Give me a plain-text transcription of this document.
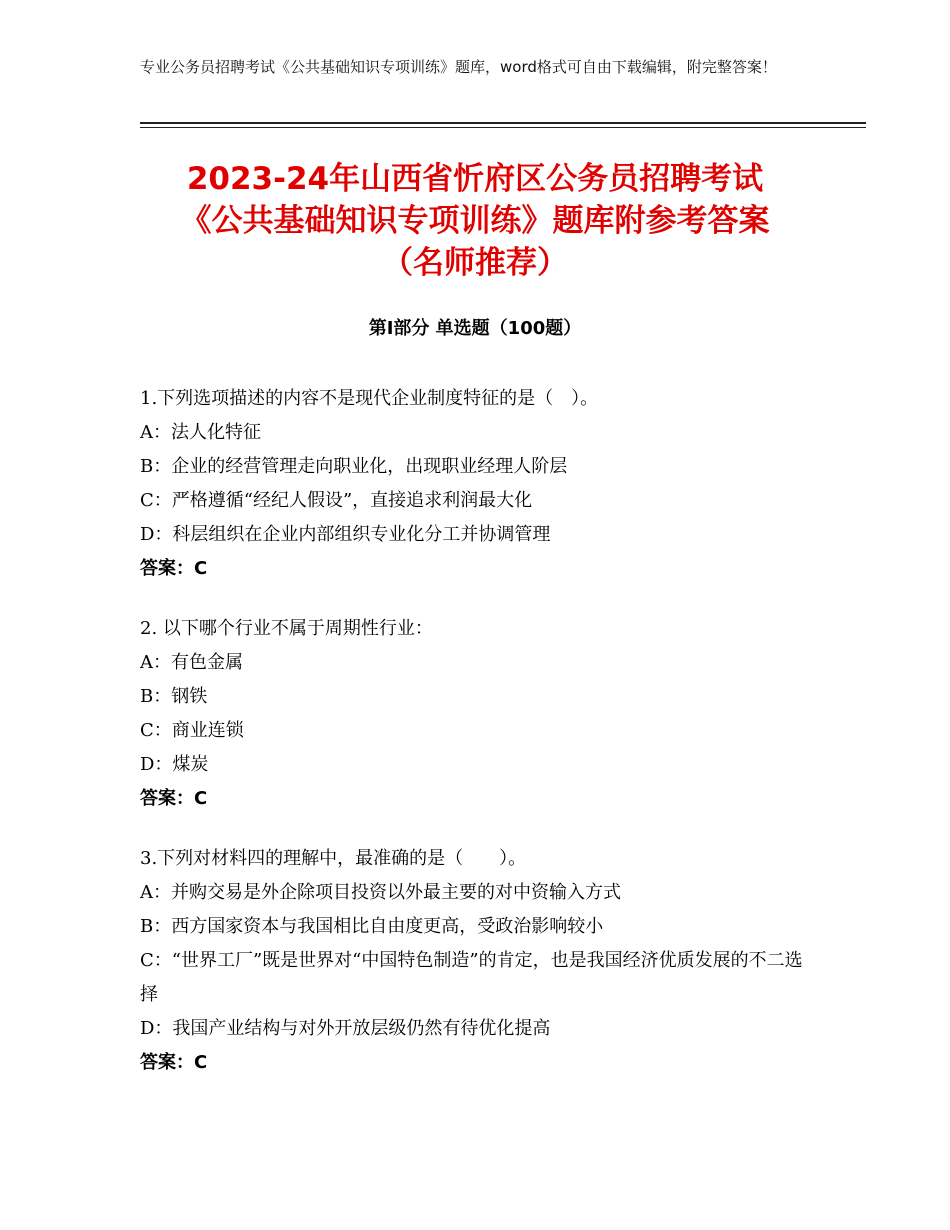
专业公务员招聘考试《公共基础知识专项训练》题库，word格式可自由下载编辑，附完整答案！
2023-24年山西省忻府区公务员招聘考试
《公共基础知识专项训练》题库附参考答案
（名师推荐）
第Ⅰ部分 单选题（100题）
1.下列选项描述的内容不是现代企业制度特征的是（　）。
A：法人化特征
B：企业的经营管理走向职业化，出现职业经理人阶层
C：严格遵循“经纪人假设”，直接追求利润最大化
D：科层组织在企业内部组织专业化分工并协调管理
答案：C
2. 以下哪个行业不属于周期性行业：
A：有色金属
B：钢铁
C：商业连锁
D：煤炭
答案：C
3.下列对材料四的理解中，最准确的是（　　）。
A：并购交易是外企除项目投资以外最主要的对中资输入方式
B：西方国家资本与我国相比自由度更高，受政治影响较小
C：“世界工厂”既是世界对“中国特色制造”的肯定，也是我国经济优质发展的不二选择
D：我国产业结构与对外开放层级仍然有待优化提高
答案：C
